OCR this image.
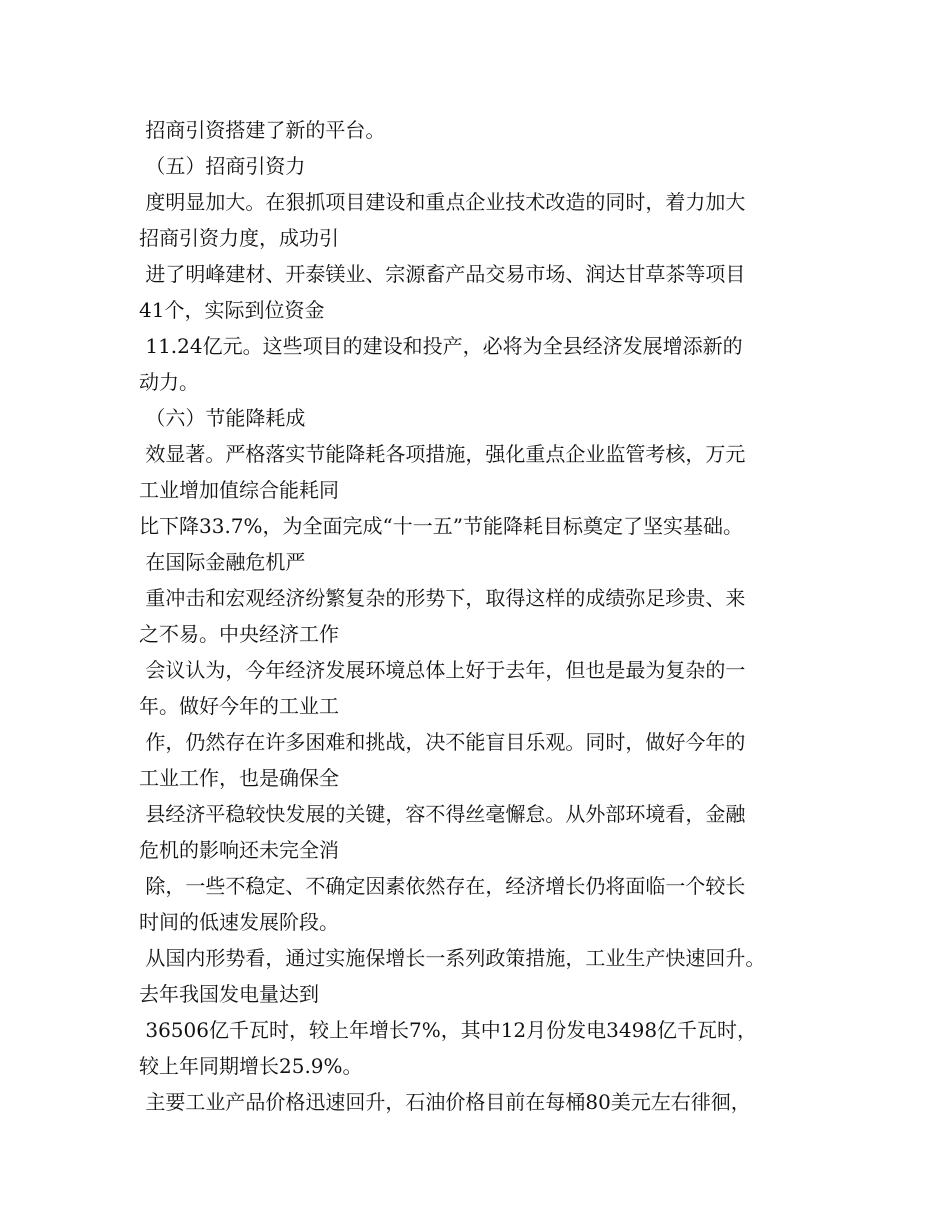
招商引资搭建了新的平台。
（五）招商引资力
度明显加大。在狠抓项目建设和重点企业技术改造的同时，着力加大
招商引资力度，成功引
进了明峰建材、开泰镁业、宗源畜产品交易市场、润达甘草茶等项目
41个，实际到位资金
11.24亿元。这些项目的建设和投产，必将为全县经济发展增添新的
动力。
（六）节能降耗成
效显著。严格落实节能降耗各项措施，强化重点企业监管考核，万元
工业增加值综合能耗同
比下降33.7%，为全面完成“十一五”节能降耗目标奠定了坚实基础。
在国际金融危机严
重冲击和宏观经济纷繁复杂的形势下，取得这样的成绩弥足珍贵、来
之不易。中央经济工作
会议认为，今年经济发展环境总体上好于去年，但也是最为复杂的一
年。做好今年的工业工
作，仍然存在许多困难和挑战，决不能盲目乐观。同时，做好今年的
工业工作，也是确保全
县经济平稳较快发展的关键，容不得丝毫懈怠。从外部环境看，金融
危机的影响还未完全消
除，一些不稳定、不确定因素依然存在，经济增长仍将面临一个较长
时间的低速发展阶段。
从国内形势看，通过实施保增长一系列政策措施，工业生产快速回升。
去年我国发电量达到
36506亿千瓦时，较上年增长7%，其中12月份发电3498亿千瓦时，
较上年同期增长25.9%。
主要工业产品价格迅速回升，石油价格目前在每桶80美元左右徘徊，
